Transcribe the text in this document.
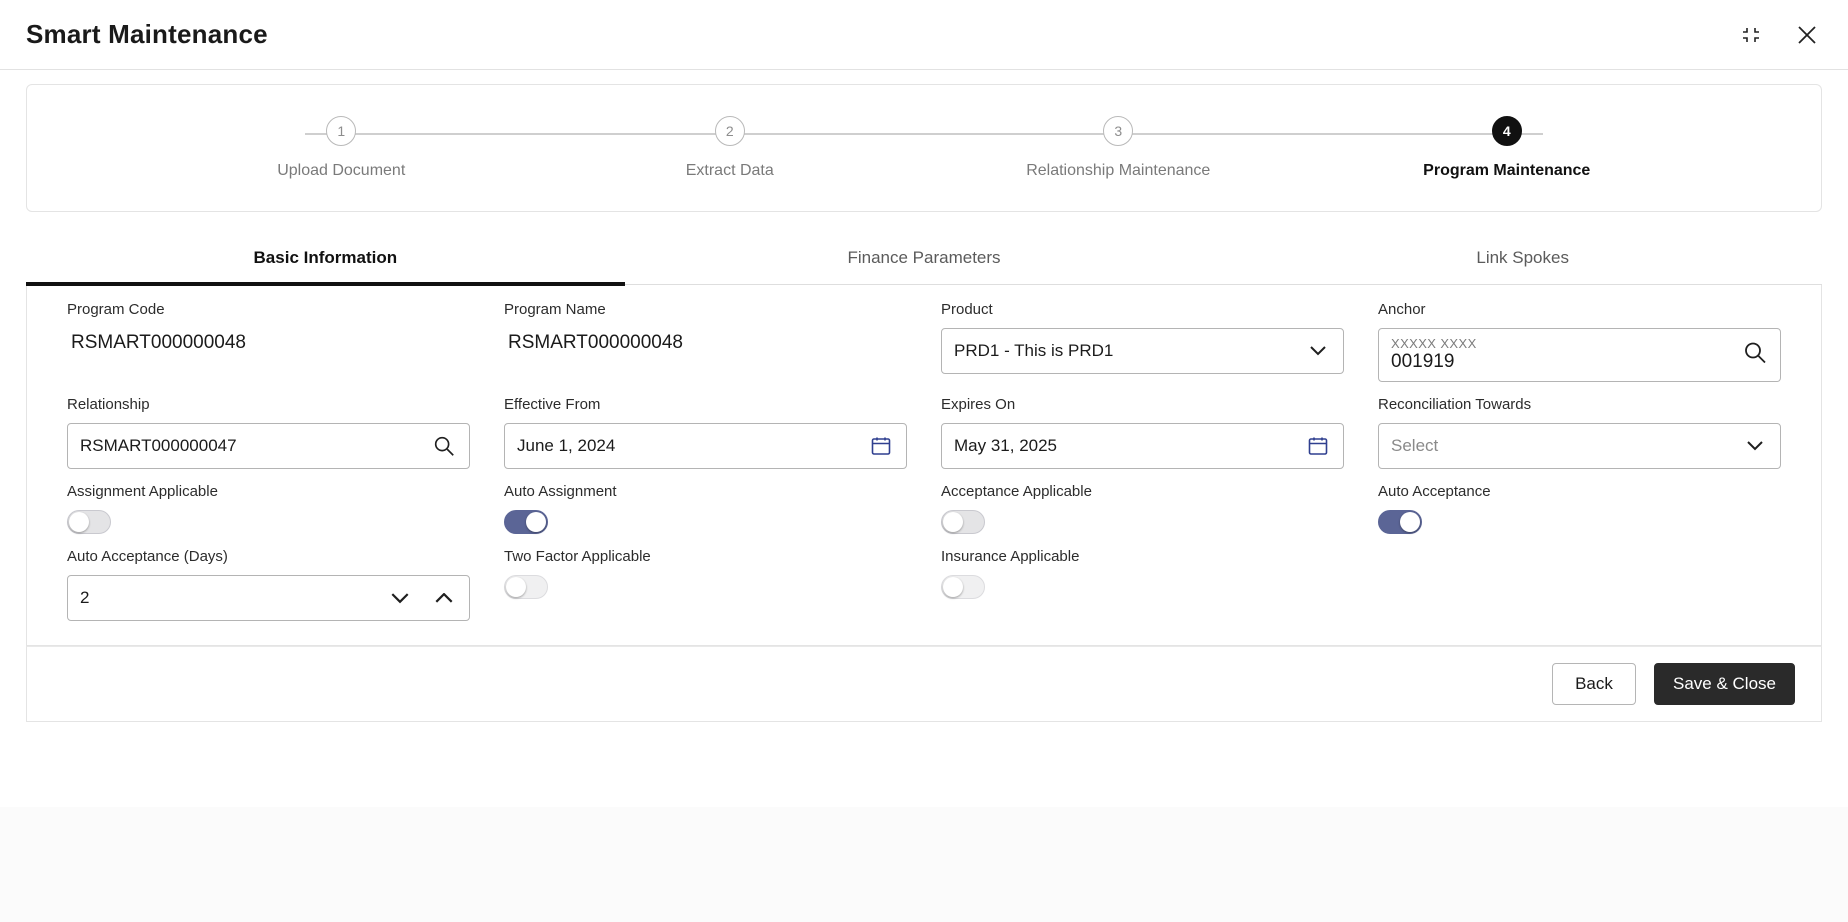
Smart Maintenance
1
Upload Document
2
Extract Data
3
Relationship Maintenance
4
Program Maintenance
Basic Information	Finance Parameters	Link Spokes
Program Code
RSMART000000048
Program Name
RSMART000000048
Product
PRD1 - This is PRD1
Anchor
XXXXX XXXX
001919
Relationship
RSMART000000047
Effective From
June 1, 2024
Expires On
May 31, 2025
Reconciliation Towards
Select
Assignment Applicable	Auto Assignment	Acceptance Applicable	Auto Acceptance
Auto Acceptance (Days)
2
Two Factor Applicable	Insurance Applicable
Back	Save & Close
